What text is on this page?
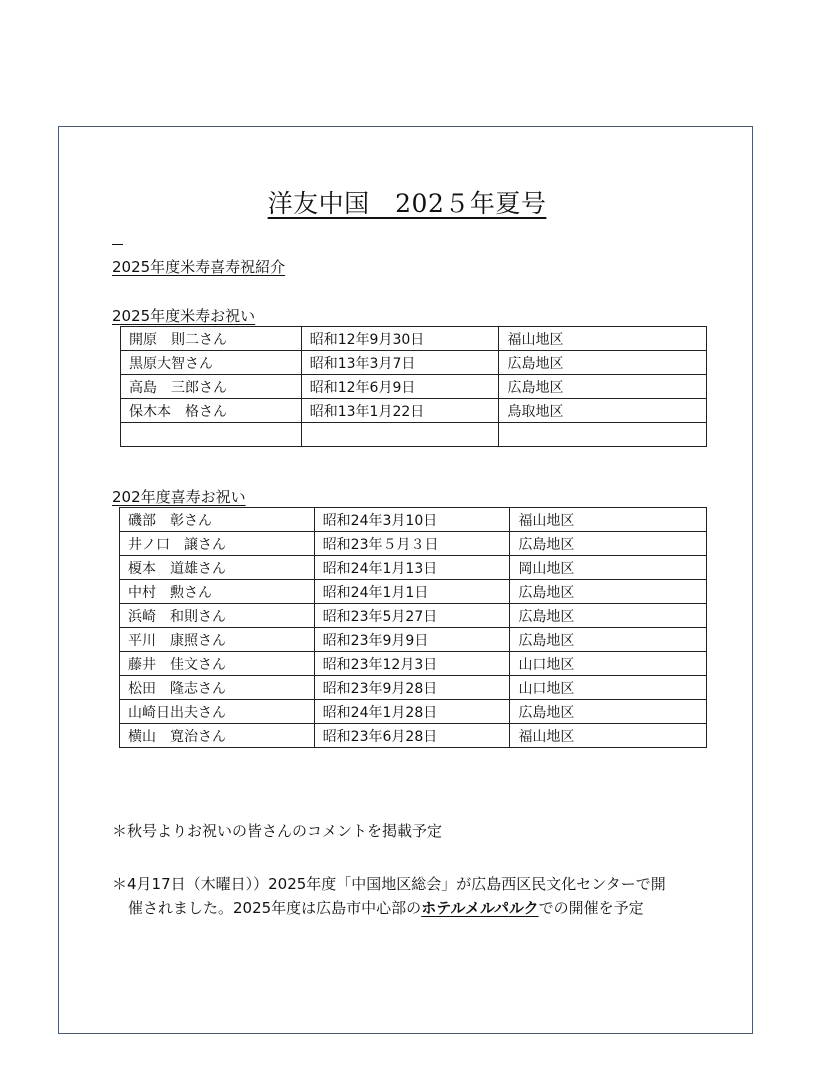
洋友中国　202５年夏号
2025年度米寿喜寿祝紹介
2025年度米寿お祝い
開原　則二さん	昭和12年9月30日	福山地区
黒原大智さん	昭和13年3月7日	広島地区
高島　三郎さん	昭和12年6月9日	広島地区
保木本　格さん	昭和13年1月22日	鳥取地区

202年度喜寿お祝い
磯部　彰さん	昭和24年3月10日	福山地区
井ノ口　譲さん	昭和23年５月３日	広島地区
榎本　道雄さん	昭和24年1月13日	岡山地区
中村　勲さん	昭和24年1月1日	広島地区
浜崎　和則さん	昭和23年5月27日	広島地区
平川　康照さん	昭和23年9月9日	広島地区
藤井　佳文さん	昭和23年12月3日	山口地区
松田　隆志さん	昭和23年9月28日	山口地区
山崎日出夫さん	昭和24年1月28日	広島地区
横山　寛治さん	昭和23年6月28日	福山地区
＊秋号よりお祝いの皆さんのコメントを掲載予定
＊4月17日（木曜日））2025年度「中国地区総会」が広島西区民文化センターで開
催されました。2025年度は広島市中心部のホテルメルパルクでの開催を予定
